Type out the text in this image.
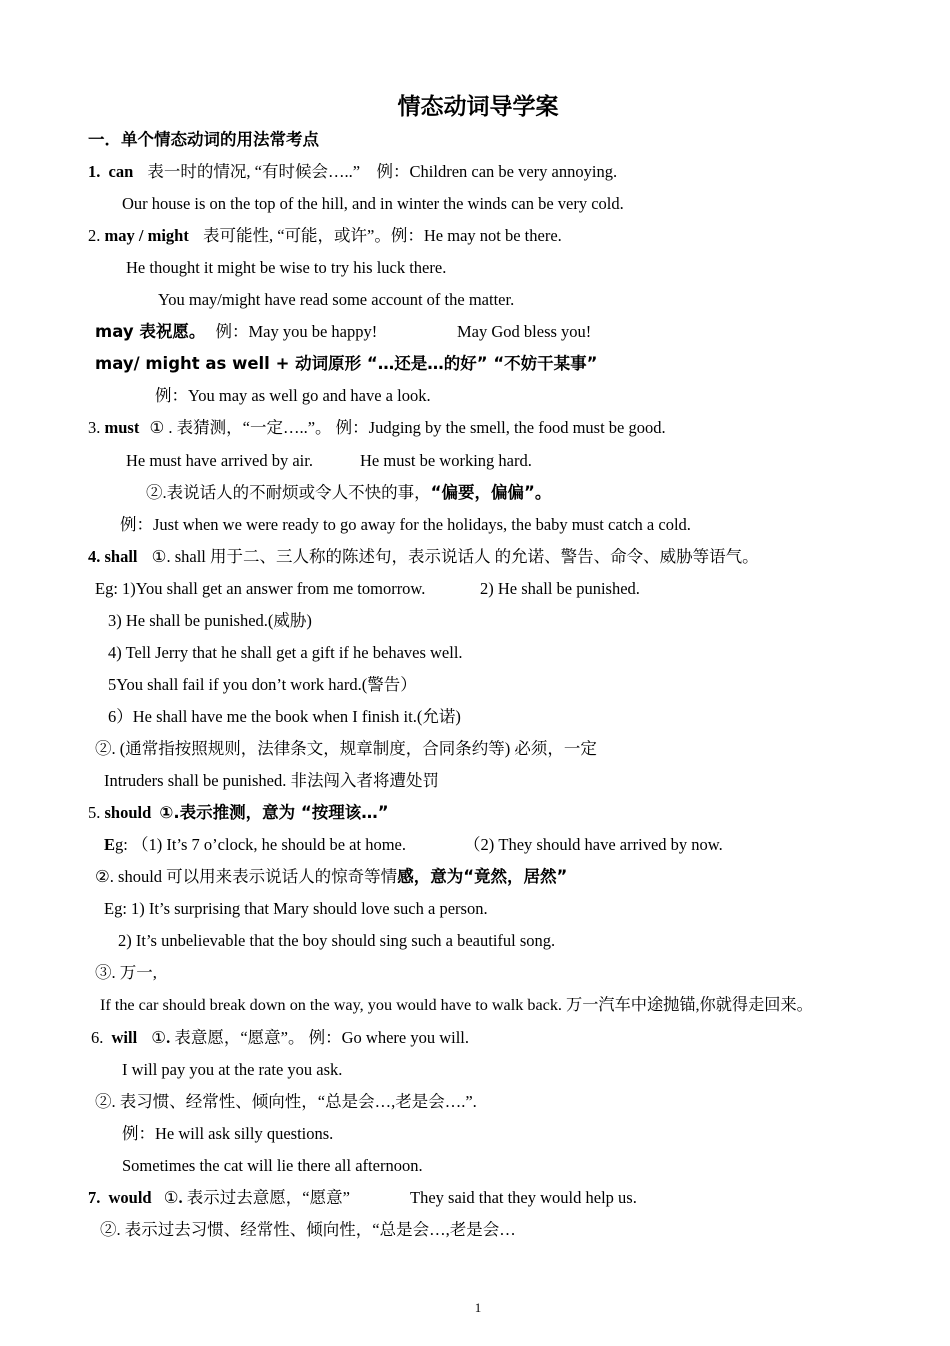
情态动词导学案
一．单个情态动词的用法常考点
1. can 表一时的情况, “有时候会…..”　例：Children can be very annoying.
Our house is on the top of the hill, and in winter the winds can be very cold.
2. may / might 表可能性, “可能，或许”。例：He may not be there.
He thought it might be wise to try his luck there.
You may/might have read some account of the matter.
may 表祝愿。 例：May you be happy!	May God bless you!
may/ might as well + 动词原形 “…还是…的好” “不妨干某事”
例：You may as well go and have a look.
3. must ① . 表猜测，“一定…..”。 例：Judging by the smell, the food must be good.
He must have arrived by air.	He must be working hard.
②.表说话人的不耐烦或令人不快的事，“偏要，偏偏”。
例：Just when we were ready to go away for the holidays, the baby must catch a cold.
4. shall ①. shall 用于二、三人称的陈述句，表示说话人 的允诺、警告、命令、威胁等语气。
Eg: 1)You shall get an answer from me tomorrow.	2) He shall be punished.
3) He shall be punished.(威胁)
4) Tell Jerry that he shall get a gift if he behaves well.
5You shall fail if you don’t work hard.(警告）
6）He shall have me the book when I finish it.(允诺)
②. (通常指按照规则，法律条文，规章制度，合同条约等) 必须，一定
Intruders shall be punished. 非法闯入者将遭处罚
5. should ①.表示推测，意为 “按理该…”
Eg: （1) It’s 7 o’clock, he should be at home.	（2) They should have arrived by now.
②. should 可以用来表示说话人的惊奇等情感，意为“竟然，居然”
Eg: 1) It’s surprising that Mary should love such a person.
2) It’s unbelievable that the boy should sing such a beautiful song.
③. 万一,
If the car should break down on the way, you would have to walk back. 万一汽车中途抛锚,你就得走回来。
6. will ①. 表意愿，“愿意”。 例：Go where you will.
I will pay you at the rate you ask.
②. 表习惯、经常性、倾向性，“总是会…,老是会….”.
例：He will ask silly questions.
Sometimes the cat will lie there all afternoon.
7. would ①. 表示过去意愿，“愿意”	They said that they would help us.
②. 表示过去习惯、经常性、倾向性，“总是会…,老是会…
1
